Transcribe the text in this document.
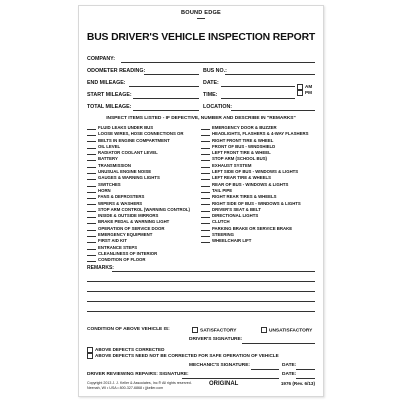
BOUND EDGE
BUS DRIVER'S VEHICLE INSPECTION REPORT
COMPANY:
ODOMETER READING:	BUS NO.:
END MILEAGE:	DATE:
AM
START MILEAGE:	TIME:	PM
TOTAL MILEAGE:	LOCATION:
INSPECT ITEMS LISTED - IF DEFECTIVE, NUMBER AND DESCRIBE IN "REMARKS"
FLUID LEAKS UNDER BUS
LOOSE WIRES, HOSE CONNECTIONS OR
BELTS IN ENGINE COMPARTMENT
OIL LEVEL
RADIATOR COOLANT LEVEL
BATTERY
TRANSMISSION
UNUSUAL ENGINE NOISE
GAUGES & WARNING LIGHTS
SWITCHES
HORN
FANS & DEFROSTERS
WIPERS & WASHERS
STOP ARM CONTROL (WARNING CONTROL)
INSIDE & OUTSIDE MIRRORS
BRAKE PEDAL & WARNING LIGHT
OPERATION OF SERVICE DOOR
EMERGENCY EQUIPMENT
FIRST AID KIT
ENTRANCE STEPS
CLEANLINESS OF INTERIOR
CONDITION OF FLOOR
EMERGENCY DOOR & BUZZER
HEADLIGHTS, FLASHERS & 4-WAY FLASHERS
RIGHT FRONT TIRE & WHEEL
FRONT OF BUS - WINDSHIELD
LEFT FRONT TIRE & WHEEL
STOP ARM (SCHOOL BUS)
EXHAUST SYSTEM
LEFT SIDE OF BUS - WINDOWS & LIGHTS
LEFT REAR TIRE & WHEELS
REAR OF BUS - WINDOWS & LIGHTS
TAIL PIPE
RIGHT REAR TIRES & WHEELS
RIGHT SIDE OF BUS - WINDOWS & LIGHTS
DRIVER'S SEAT & BELT
DIRECTIONAL LIGHTS
CLUTCH
PARKING BRAKE OR SERVICE BRAKE
STEERING
WHEELCHAIR LIFT
REMARKS:
CONDITION OF ABOVE VEHICLE IS:	SATISFACTORY	UNSATISFACTORY
DRIVER'S SIGNATURE:
ABOVE DEFECTS CORRECTED
ABOVE DEFECTS NEED NOT BE CORRECTED FOR SAFE OPERATION OF VEHICLE
MECHANIC'S SIGNATURE:	DATE:
DRIVER REVIEWING REPAIRS: SIGNATURE:	DATE:
Copyright 2013 J. J. Keller & Associates, Inc.® All rights reserved.
Neenah, WI • USA • 800-327-6868 • jjkeller.com
ORIGINAL	1976 (Rev. 6/13)
